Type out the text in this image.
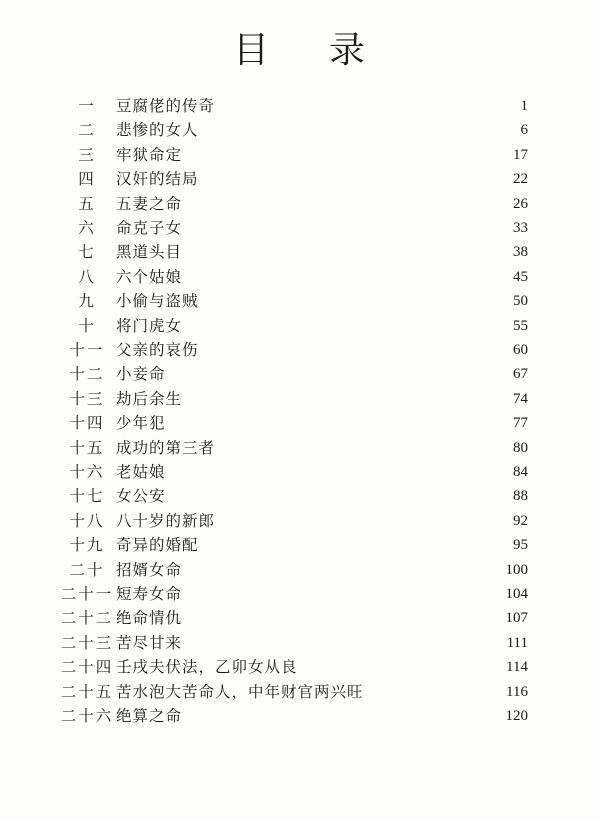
目 录
一	豆腐佬的传奇	1
二	悲惨的女人	6
三	牢狱命定	17
四	汉奸的结局	22
五	五妻之命	26
六	命克子女	33
七	黑道头目	38
八	六个姑娘	45
九	小偷与盗贼	50
十	将门虎女	55
十一 父亲的哀伤	60
十二 小妾命	67
十三 劫后余生	74
十四 少年犯	77
十五 成功的第三者	80
十六 老姑娘	84
十七 女公安	88
十八 八十岁的新郎	92
十九 奇异的婚配	95
二十 招婿女命	100
二十一 短寿女命	104
二十二 绝命情仇	107
二十三 苦尽甘来	111
二十四 壬戌夫伏法，乙卯女从良	114
二十五 苦水泡大苦命人，中年财官两兴旺	116
二十六 绝算之命	120
